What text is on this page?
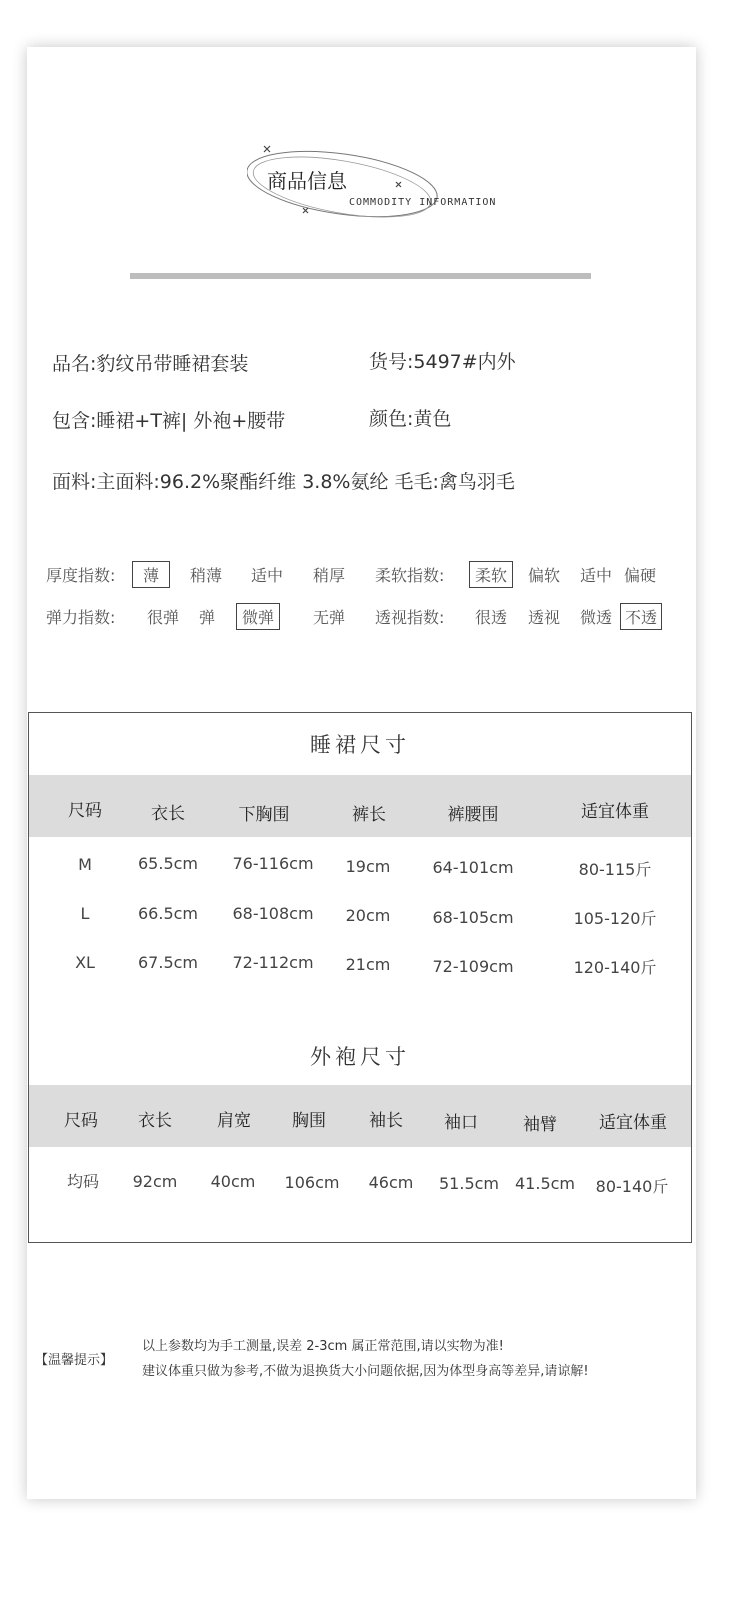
商品信息
COMMODITY INFORMATION
品名:豹纹吊带睡裙套装	货号:5497#内外
包含:睡裙+T裤| 外袍+腰带	颜色:黄色
面料:主面料:96.2%聚酯纤维 3.8%氨纶 毛毛:禽鸟羽毛
厚度指数:	薄	稍薄 适中 稍厚 柔软指数:	柔软	偏软 适中 偏硬
弹力指数: 很弹 弹	微弹	无弹 透视指数: 很透 透视 微透 不透
睡裙尺寸
尺码	衣长	下胸围	裤长	裤腰围	适宜体重
M	65.5cm 76-116cm 19cm	64-101cm	80-115斤
L	66.5cm 68-108cm 20cm	68-105cm	105-120斤
XL	67.5cm 72-112cm 21cm	72-109cm	120-140斤
外袍尺寸
尺码 衣长	肩宽 胸围	袖长 袖口	袖臂 适宜体重
均码 92cm 40cm 106cm 46cm 51.5cm 41.5cm 80-140斤
【温馨提示】
以上参数均为手工测量,误差 2-3cm 属正常范围,请以实物为准!
建议体重只做为参考,不做为退换货大小问题依据,因为体型身高等差异,请谅解!
